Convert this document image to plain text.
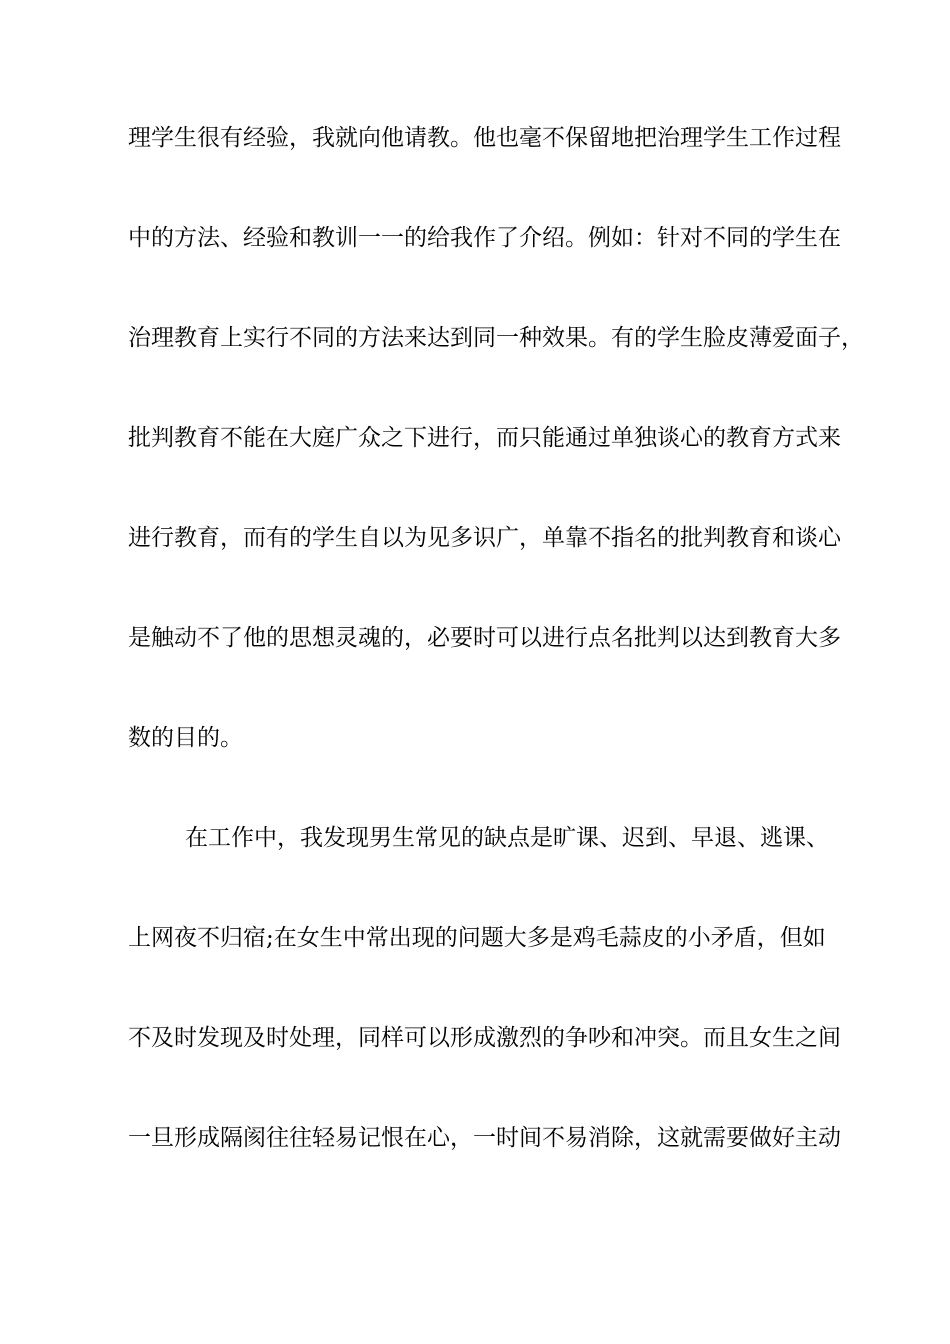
理学生很有经验，我就向他请教。他也毫不保留地把治理学生工作过程
中的方法、经验和教训一一的给我作了介绍。例如：针对不同的学生在
治理教育上实行不同的方法来达到同一种效果。有的学生脸皮薄爱面子，
批判教育不能在大庭广众之下进行，而只能通过单独谈心的教育方式来
进行教育，而有的学生自以为见多识广，单靠不指名的批判教育和谈心
是触动不了他的思想灵魂的，必要时可以进行点名批判以达到教育大多
数的目的。
在工作中，我发现男生常见的缺点是旷课、迟到、早退、逃课、
上网夜不归宿;在女生中常出现的问题大多是鸡毛蒜皮的小矛盾，但如
不及时发现及时处理，同样可以形成激烈的争吵和冲突。而且女生之间
一旦形成隔阂往往轻易记恨在心，一时间不易消除，这就需要做好主动
